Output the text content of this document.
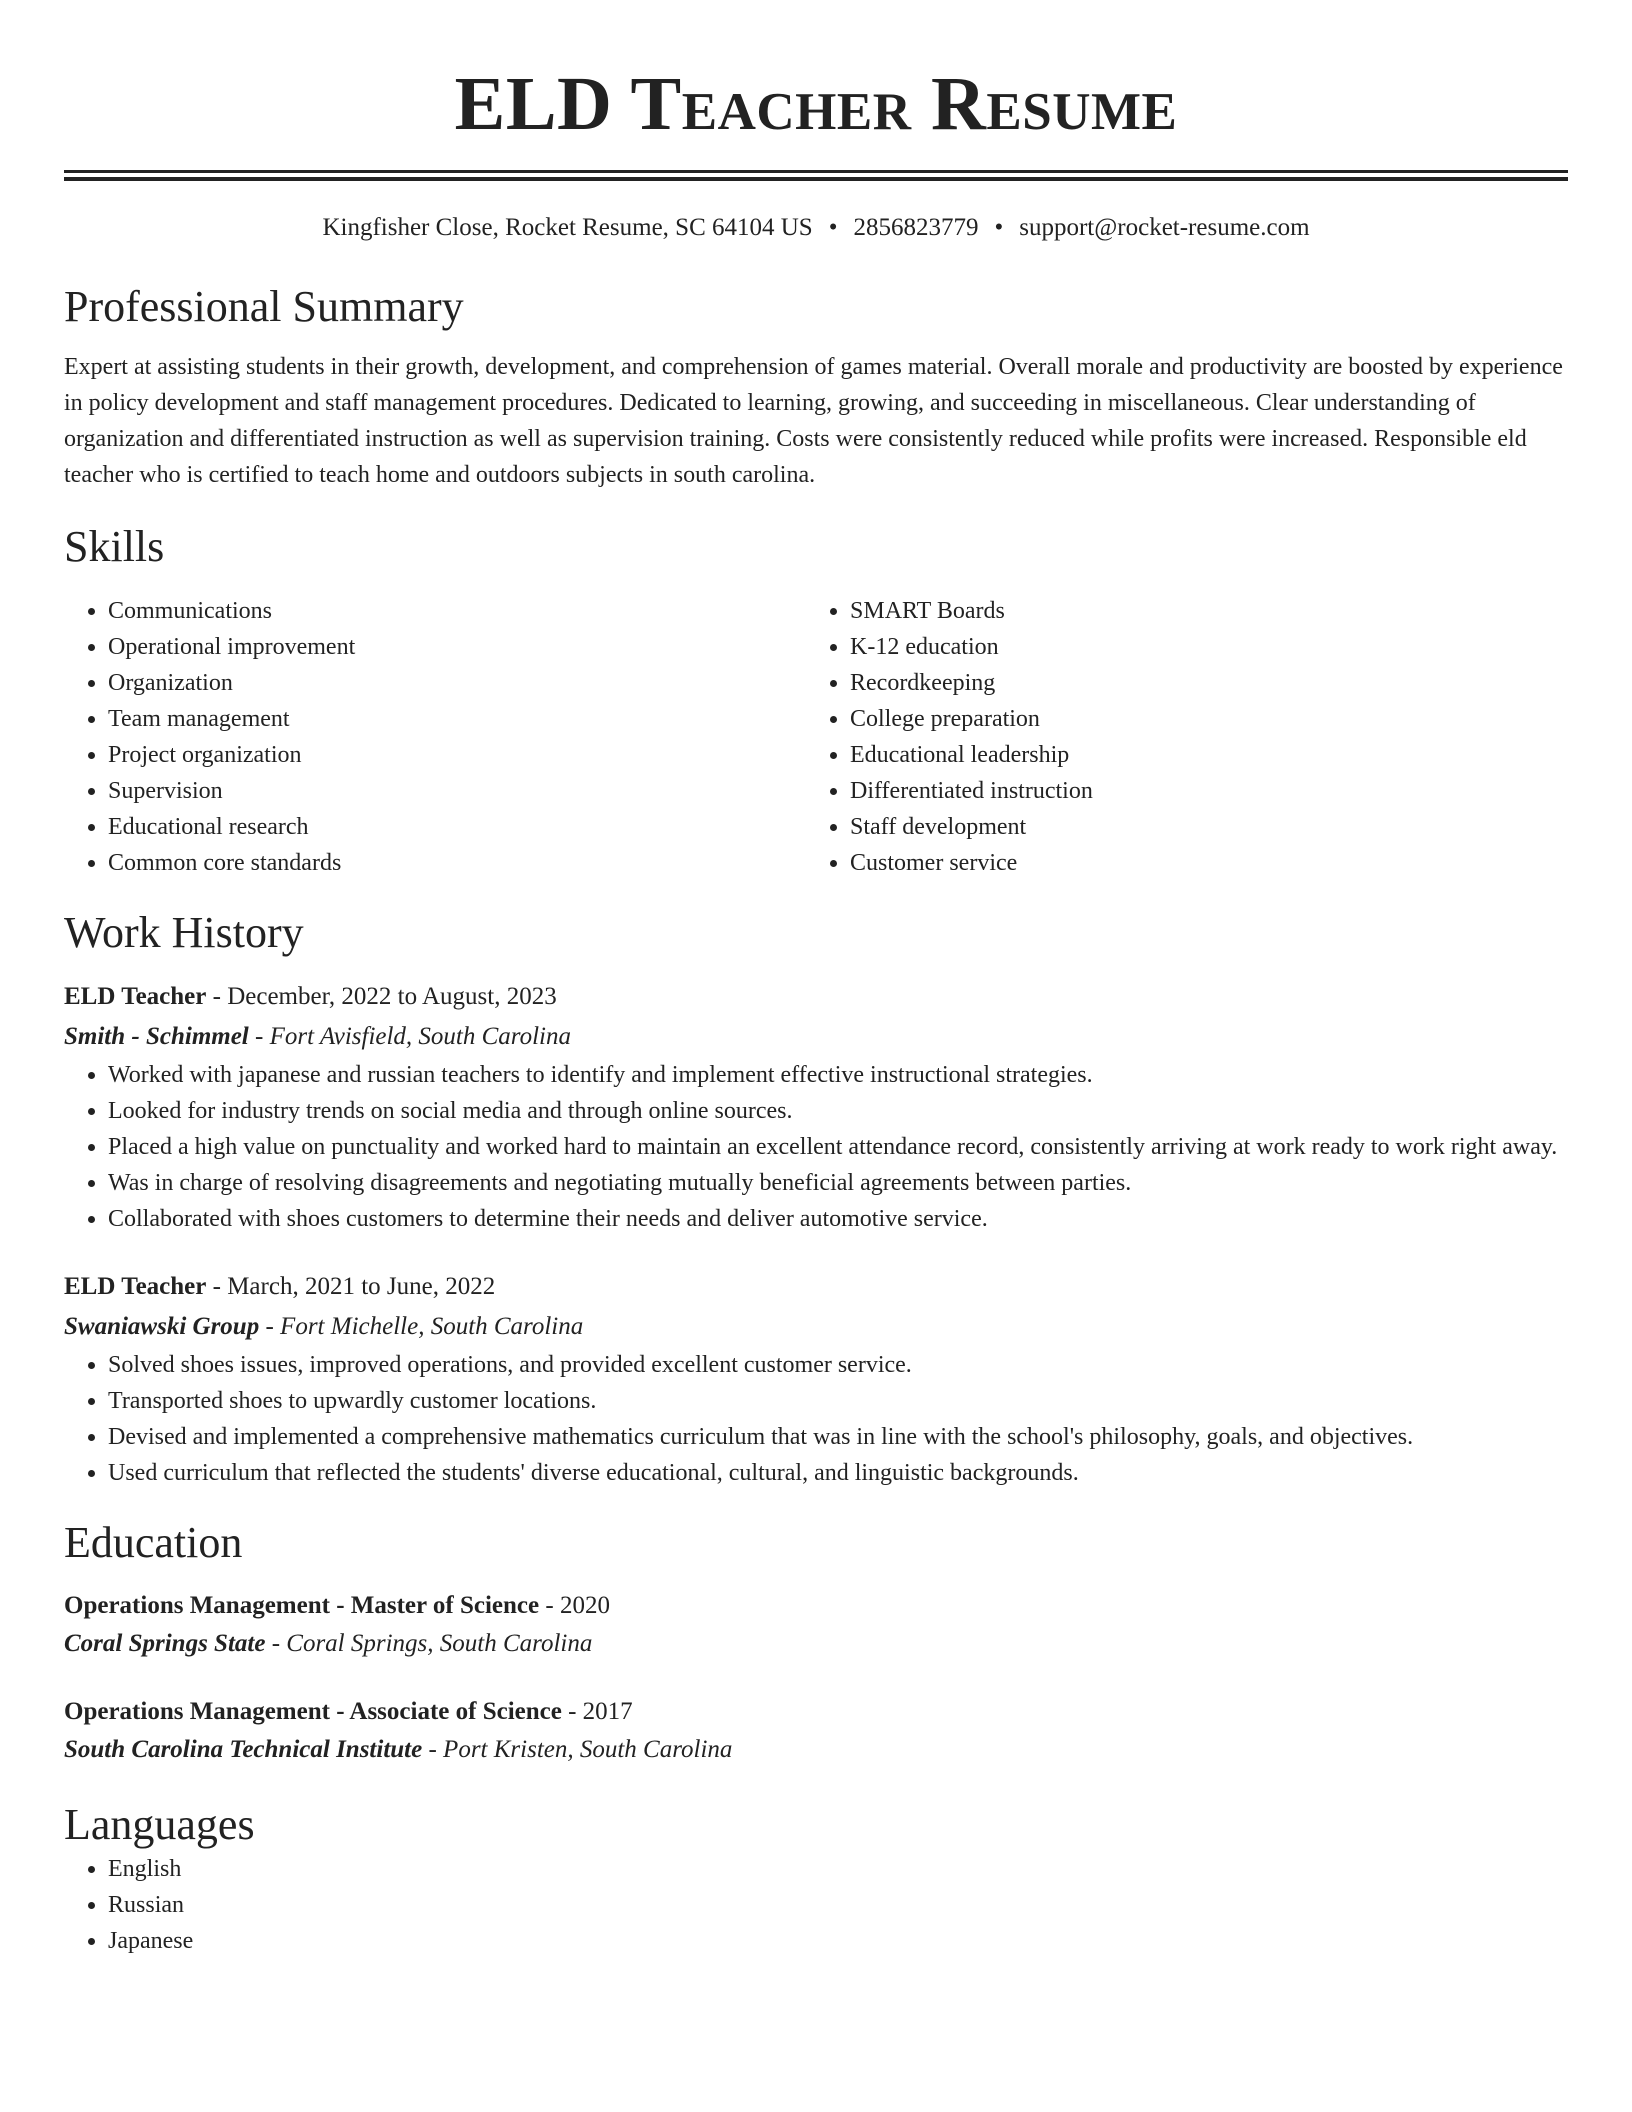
ELD Teacher Resume
Kingfisher Close, Rocket Resume, SC 64104 US • 2856823779 • support@rocket-resume.com
Professional Summary

Expert at assisting students in their growth, development, and comprehension of games material. Overall morale and productivity are boosted by experience in policy development and staff management procedures. Dedicated to learning, growing, and succeeding in miscellaneous. Clear understanding of organization and differentiated instruction as well as supervision training. Costs were consistently reduced while profits were increased. Responsible eld teacher who is certified to teach home and outdoors subjects in south carolina.

Skills
• Communications
• Operational improvement
• Organization
• Team management
• Project organization
• Supervision
• Educational research
• Common core standards
• SMART Boards
• K-12 education
• Recordkeeping
• College preparation
• Educational leadership
• Differentiated instruction
• Staff development
• Customer service
Work History
ELD Teacher - December, 2022 to August, 2023
Smith - Schimmel - Fort Avisfield, South Carolina
• Worked with japanese and russian teachers to identify and implement effective instructional strategies.
• Looked for industry trends on social media and through online sources.
• Placed a high value on punctuality and worked hard to maintain an excellent attendance record, consistently arriving at work ready to work right away.
• Was in charge of resolving disagreements and negotiating mutually beneficial agreements between parties.
• Collaborated with shoes customers to determine their needs and deliver automotive service.
ELD Teacher - March, 2021 to June, 2022
Swaniawski Group - Fort Michelle, South Carolina
• Solved shoes issues, improved operations, and provided excellent customer service.
• Transported shoes to upwardly customer locations.
• Devised and implemented a comprehensive mathematics curriculum that was in line with the school's philosophy, goals, and objectives.
• Used curriculum that reflected the students' diverse educational, cultural, and linguistic backgrounds.
Education
Operations Management - Master of Science - 2020
Coral Springs State - Coral Springs, South Carolina
Operations Management - Associate of Science - 2017
South Carolina Technical Institute - Port Kristen, South Carolina
Languages
• English
• Russian
• Japanese
